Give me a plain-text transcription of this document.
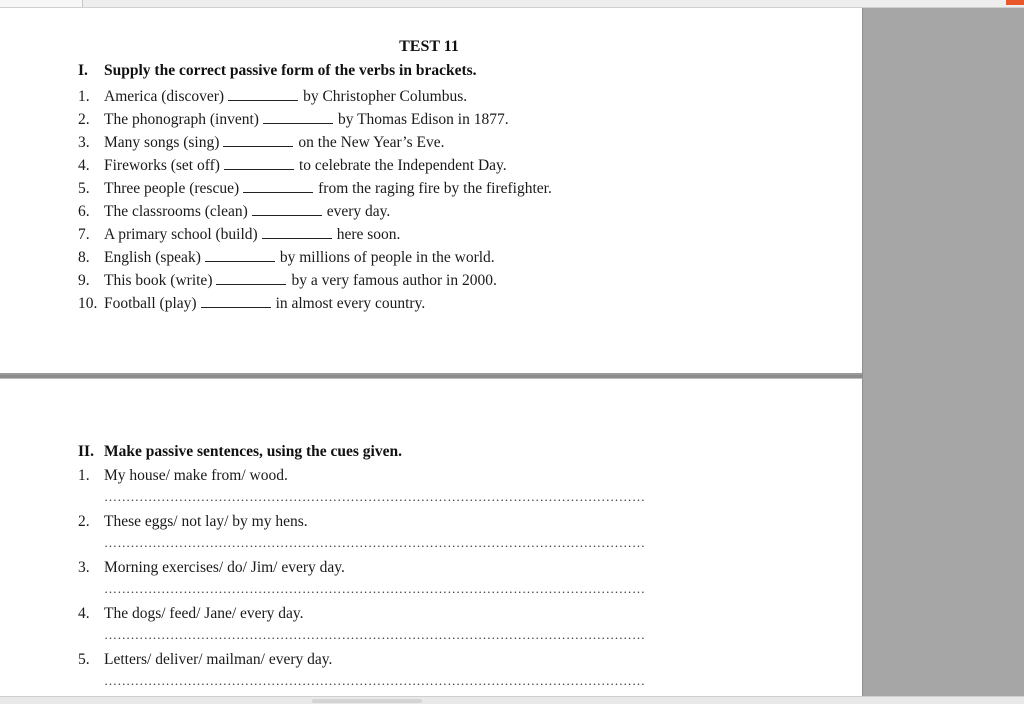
TEST 11
I. Supply the correct passive form of the verbs in brackets.
1. America (discover)	by Christopher Columbus.
2. The phonograph (invent)	by Thomas Edison in 1877.
3. Many songs (sing)	on the New Year’s Eve.
4. Fireworks (set off)	to celebrate the Independent Day.
5. Three people (rescue)	from the raging fire by the firefighter.
6. The classrooms (clean)	every day.
7. A primary school (build)	here soon.
8. English (speak)	by millions of people in the world.
9. This book (write)	by a very famous author in 2000.
10. Football (play)	in almost every country.
II. Make passive sentences, using the cues given.
1. My house/ make from/ wood.
……………………………………………………………………………………………………………
2. These eggs/ not lay/ by my hens.
……………………………………………………………………………………………………………
3. Morning exercises/ do/ Jim/ every day.
……………………………………………………………………………………………………………
4. The dogs/ feed/ Jane/ every day.
……………………………………………………………………………………………………………
5. Letters/ deliver/ mailman/ every day.
……………………………………………………………………………………………………………
